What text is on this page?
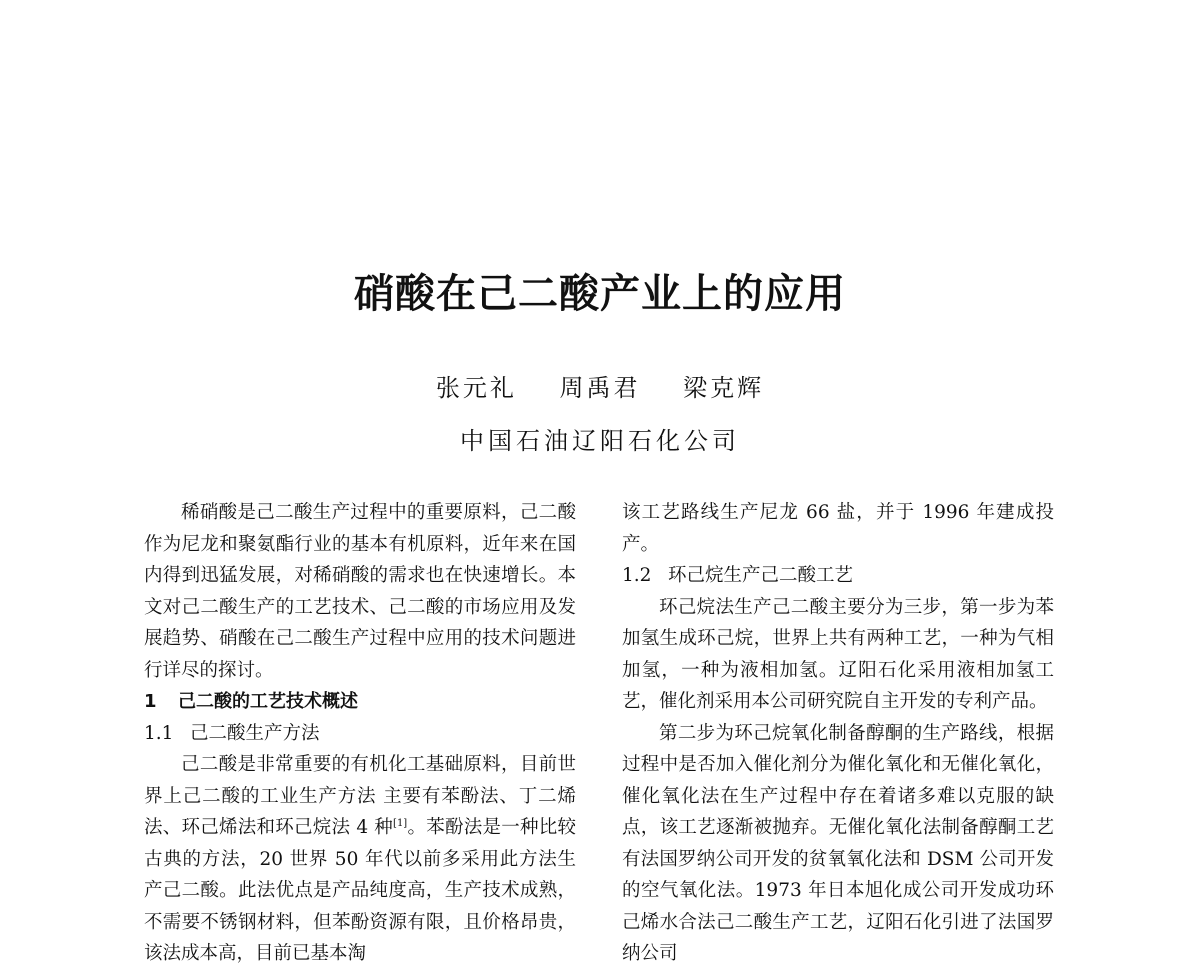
硝酸在己二酸产业上的应用
张元礼 周禹君 梁克辉
中国石油辽阳石化公司

稀硝酸是己二酸生产过程中的重要原料，己二酸作为尼龙和聚氨酯行业的基本有机原料，近年来在国内得到迅猛发展，对稀硝酸的需求也在快速增长。本文对己二酸生产的工艺技术、己二酸的市场应用及发展趋势、硝酸在己二酸生产过程中应用的技术问题进行详尽的探讨。

1 己二酸的工艺技术概述

1.1 己二酸生产方法

己二酸是非常重要的有机化工基础原料，目前世界上己二酸的工业生产方法 主要有苯酚法、丁二烯法、环己烯法和环己烷法 4 种[1]。苯酚法是一种比较古典的方法，20 世界 50 年代以前多采用此方法生产己二酸。此法优点是产品纯度高，生产技术成熟，不需要不锈钢材料，但苯酚资源有限，且价格昂贵，该法成本高，目前已基本淘

该工艺路线生产尼龙 66 盐，并于 1996 年建成投产。

1.2 环己烷生产己二酸工艺

环己烷法生产己二酸主要分为三步，第一步为苯加氢生成环己烷，世界上共有两种工艺，一种为气相加氢，一种为液相加氢。辽阳石化采用液相加氢工艺，催化剂采用本公司研究院自主开发的专利产品。

第二步为环己烷氧化制备醇酮的生产路线，根据过程中是否加入催化剂分为催化氧化和无催化氧化，催化氧化法在生产过程中存在着诸多难以克服的缺点，该工艺逐渐被抛弃。无催化氧化法制备醇酮工艺有法国罗纳公司开发的贫氧氧化法和 DSM 公司开发的空气氧化法。1973 年日本旭化成公司开发成功环己烯水合法己二酸生产工艺，辽阳石化引进了法国罗纳公司
